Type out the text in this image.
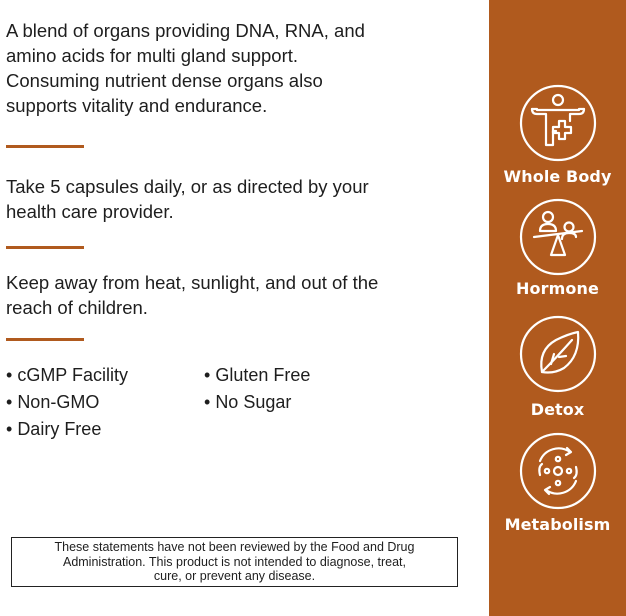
A blend of organs providing DNA, RNA, and
amino acids for multi gland support.
Consuming nutrient dense organs also
supports vitality and endurance.

Take 5 capsules daily, or as directed by your
health care provider.

Keep away from heat, sunlight, and out of the
reach of children.

• cGMP Facility
• Non-GMO
• Dairy Free
• Gluten Free
• No Sugar
These statements have not been reviewed by the Food and Drug
Administration. This product is not intended to diagnose, treat,
cure, or prevent any disease.
Whole Body
Hormone
Detox
Metabolism
